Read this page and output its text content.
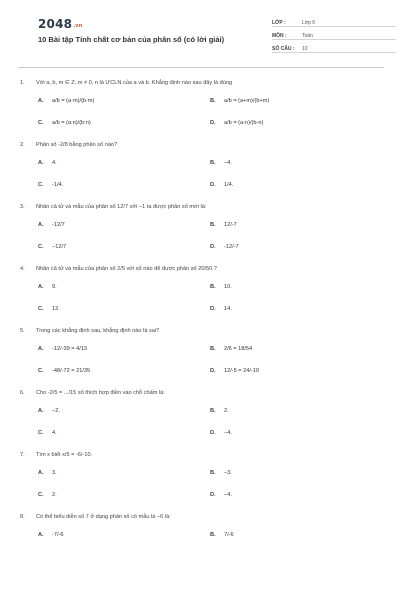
2048.vn
10 Bài tập Tính chất cơ bản của phân số (có lời giải)
LỚP :	Lớp 6
MÔN :	Toán
SỐ CÂU :	10
1.	Với a, b, m ∈ Z; m ≠ 0, n là ƯCLN của a và b. Khẳng định nào sau đây là đúng
A.	a/b = (a·m)/(b·m)	B.	a/b = (a+m)/(b+m)
C.	a/b = (a:n)/(b:n)	D.	a/b = (a-n)/(b-n)
2.	Phân số -2/8 bằng phân số nào?
A.	4.	B.	−4.
C.	-1/4.	D.	1/4.
3.	Nhân cả tử và mẫu của phân số 12/7 với −1 ta được phân số mới là:
A.	-12/7	B.	12/-7
C.	−12/7	D.	-12/-7
4.	Nhân cả tử và mẫu của phân số 2/5 với số nào để được phân số 20/50 ?
A.	9.	B.	10.
C.	12.	D.	14.
5.	Trong các khẳng định sau, khẳng định nào là sai?
A.	-12/-39 = 4/13	B.	2/6 = 18/54
C.	-48/-72 = 21/35	D.	12/-5 = 24/-10
6.	Cho -2/5 = .../15 số thích hợp điền vào chỗ chấm là:
A.	−2.	B.	2.
C.	4.	D.	−4.
7.	Tìm x biết x/5 = -6/-10.
A.	3.	B.	−3.
C.	2.	D.	−4.
8.	Có thể biểu diễn số 7 ở dạng phân số có mẫu là −6 là:
A.	-7/-6	B.	7/-6
